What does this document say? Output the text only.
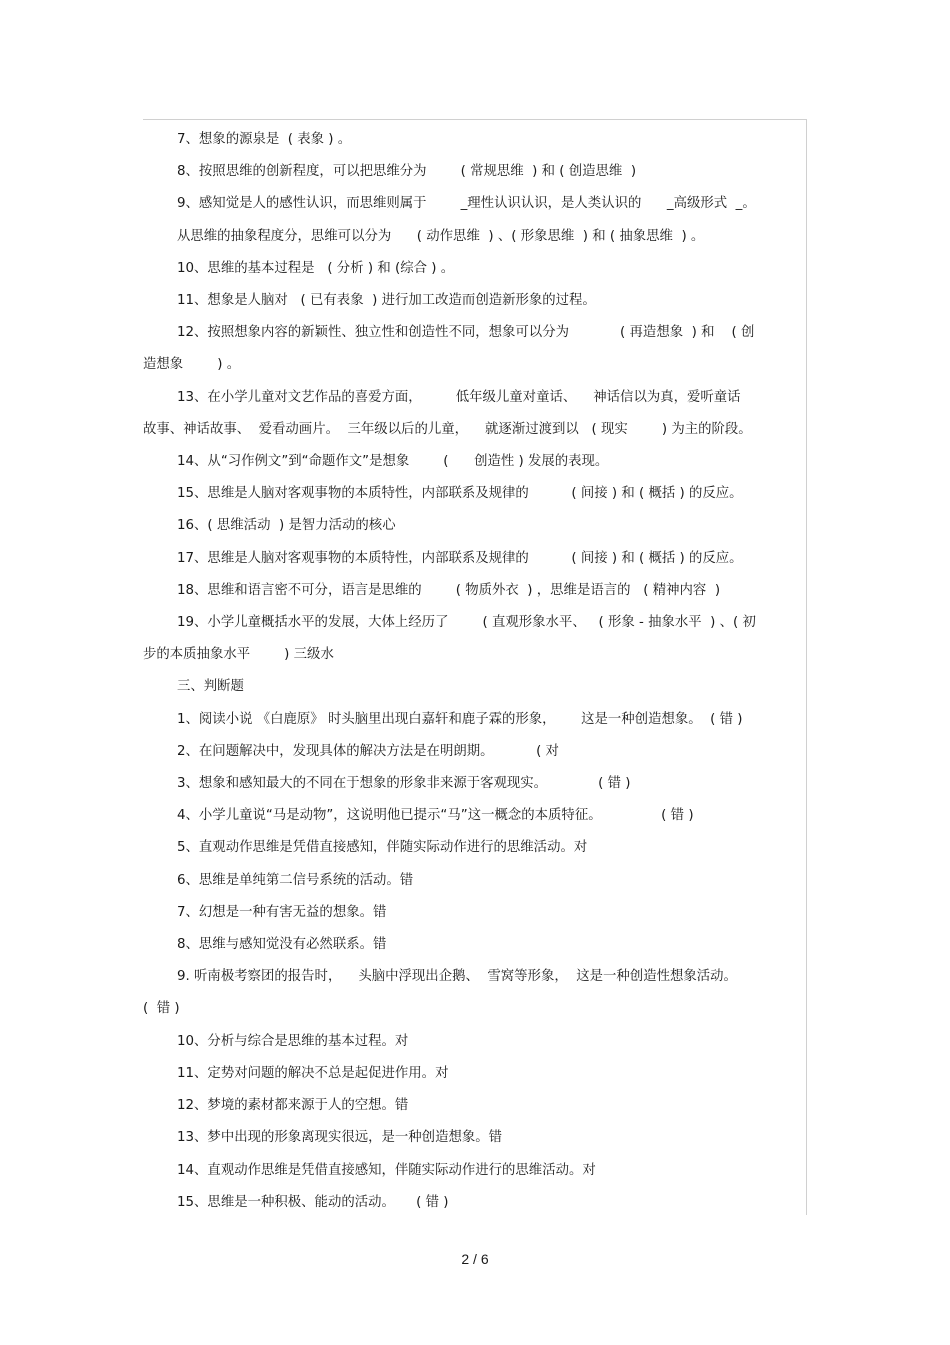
7、想象的源泉是  ( 表象 ) 。

8、按照思维的创新程度，可以把思维分为        ( 常规思维  ) 和 ( 创造思维  )

9、感知觉是人的感性认识，而思维则属于        _理性认识认识，是人类认识的      _高级形式  _。

从思维的抽象程度分，思维可以分为      ( 动作思维  ) 、( 形象思维  ) 和 ( 抽象思维  ) 。

10、思维的基本过程是   ( 分析 ) 和 (综合 ) 。

11、想象是人脑对   ( 已有表象  ) 进行加工改造而创造新形象的过程。

12、按照想象内容的新颖性、独立性和创造性不同，想象可以分为            ( 再造想象  ) 和    ( 创

造想象        ) 。

13、在小学儿童对文艺作品的喜爱方面，        低年级儿童对童话、    神话信以为真，爱听童话

故事、神话故事、  爱看动画片。  三年级以后的儿童，    就逐渐过渡到以   ( 现实        ) 为主的阶段。

14、从“习作例文”到“命题作文”是想象        (      创造性 ) 发展的表现。

15、思维是人脑对客观事物的本质特性，内部联系及规律的          ( 间接 ) 和 ( 概括 ) 的反应。

16、( 思维活动  ) 是智力活动的核心

17、思维是人脑对客观事物的本质特性，内部联系及规律的          ( 间接 ) 和 ( 概括 ) 的反应。

18、思维和语言密不可分，语言是思维的        ( 物质外衣  ) ，思维是语言的   ( 精神内容  )

19、小学儿童概括水平的发展，大体上经历了        ( 直观形象水平、   ( 形象 - 抽象水平  ) 、( 初

步的本质抽象水平        ) 三级水

三、判断题

1、阅读小说 《白鹿原》 时头脑里出现白嘉轩和鹿子霖的形象，      这是一种创造想象。  ( 错 )

2、在问题解决中，发现具体的解决方法是在明朗期。          ( 对

3、想象和感知最大的不同在于想象的形象非来源于客观现实。            ( 错 )

4、小学儿童说“马是动物”，这说明他已提示“马”这一概念的本质特征。              ( 错 )

5、直观动作思维是凭借直接感知，伴随实际动作进行的思维活动。对

6、思维是单纯第二信号系统的活动。错

7、幻想是一种有害无益的想象。错

8、思维与感知觉没有必然联系。错

9. 听南极考察团的报告时，    头脑中浮现出企鹅、  雪窝等形象，  这是一种创造性想象活动。

(  错 )

10、分析与综合是思维的基本过程。对

11、定势对问题的解决不总是起促进作用。对

12、梦境的素材都来源于人的空想。错

13、梦中出现的形象离现实很远，是一种创造想象。错

14、直观动作思维是凭借直接感知，伴随实际动作进行的思维活动。对

15、思维是一种积极、能动的活动。     ( 错 )

2 / 6
